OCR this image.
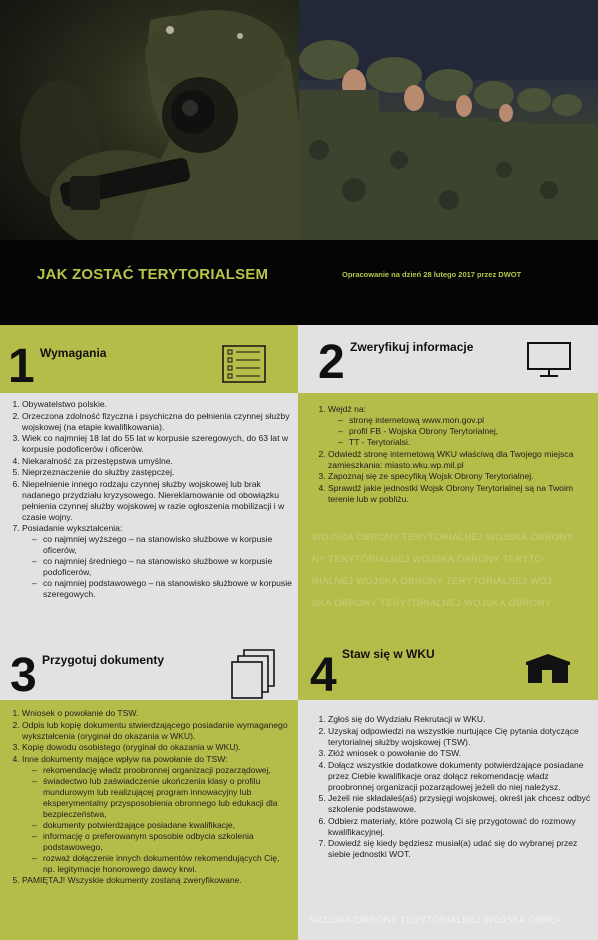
JAK ZOSTAĆ TERYTORIALSEM	Opracowanie na dzień 28 lutego 2017 przez DWOT
1 Wymagania
1. Obywatelstwo polskie.
2. Orzeczona zdolność fizyczna i psychiczna do pełnienia czynnej służby wojskowej (na etapie kwalifikowania).
3. Wiek co najmniej 18 lat do 55 lat w korpusie szeregowych, do 63 lat w korpusie podoficerów i oficerów.
4. Niekaralność za przestępstwa umyślne.
5. Nieprzeznaczenie do służby zastępczej.
6. Niepełnienie innego rodzaju czynnej służby wojskowej lub brak nadanego przydziału kryzysowego. Niereklamowanie od obowiązku pełnienia czynnej służby wojskowej w razie ogłoszenia mobilizacji i w czasie wojny.
7. Posiadanie wykształcenia:
– co najmniej wyższego – na stanowisko służbowe w korpusie oficerów,
– co najmniej średniego – na stanowisko służbowe w korpusie podoficerów,
– co najmniej podstawowego – na stanowisko służbowe w korpusie szeregowych.
2 Zweryfikuj informacje
1. Wejdź na:
– stronę internetową www.mon.gov.pl
– profil FB - Wojska Obrony Terytorialnej,
– TT - Terytorialsi.
2. Odwiedź stronę internetową WKU właściwą dla Twojego miejsca zamieszkania: miasto.wku.wp.mil.pl
3. Zapoznaj się ze specyfiką Wojsk Obrony Terytorialnej.
4. Sprawdź jakie jednostki Wojsk Obrony Terytorialnej są na Twoim terenie lub w pobliżu.
WOJSKA OBRONY TERYTORIALNEJ WOJSKA OBRONY
NY TERYTORIALNEJ WOJSKA OBRONY TERYTO-
RIALNEJ WOJSKA OBRONY TERYTORIALNEJ WOJ-
SKA OBRONY TERYTORIALNEJ WOJSKA OBRONY
3 Przygotuj dokumenty
1. Wniosek o powołanie do TSW.
2. Odpis lub kopię dokumentu stwierdzającego posiadanie wymaganego wykształcenia (oryginał do okazania w WKU).
3. Kopię dowodu osobistego (oryginał do okazania w WKU).
4. Inne dokumenty mające wpływ na powołanie do TSW:
– rekomendację władz proobronnej organizacji pozarządowej,
– świadectwo lub zaświadczenie ukończenia klasy o profilu mundurowym lub realizującej program innowacyjny lub eksperymentalny przysposobienia obronnego lub edukacji dla bezpieczeństwa,
– dokumenty potwierdzające posiadane kwalifikacje,
– informację o preferowanym sposobie odbycia szkolenia podstawowego,
– rozważ dołączenie innych dokumentów rekomendujących Cię, np. legitymacje honorowego dawcy krwi.
5. PAMIĘTAJ! Wszyskie dokumenty zostaną zweryfikowane.
4 Staw się w WKU
1. Zgłoś się do Wydziału Rekrutacji w WKU.
2. Uzyskaj odpowiedzi na wszystkie nurtujące Cię pytania dotyczące terytorialnej służby wojskowej (TSW).
3. Złóż wniosek o powołanie do TSW.
4. Dołącz wszystkie dodatkowe dokumenty potwierdzające posiadane przez Ciebie kwalifikacje oraz dołącz rekomendację władz proobronnej organizacji pozarządowej jeżeli do niej należysz.
5. Jeżeli nie składałeś(aś) przysięgi wojskowej, określ jak chcesz odbyć szkolenie podstawowe.
6. Odbierz materiały, które pozwolą Ci się przygotować do rozmowy kwalifikacyjnej.
7. Dowiedź się kiedy będziesz musiał(a) udać się do wybranej przez siebie jednostki WOT.
WOJSKA OBRONY TERYTORIALNEJ WOJSKA OBRO-
